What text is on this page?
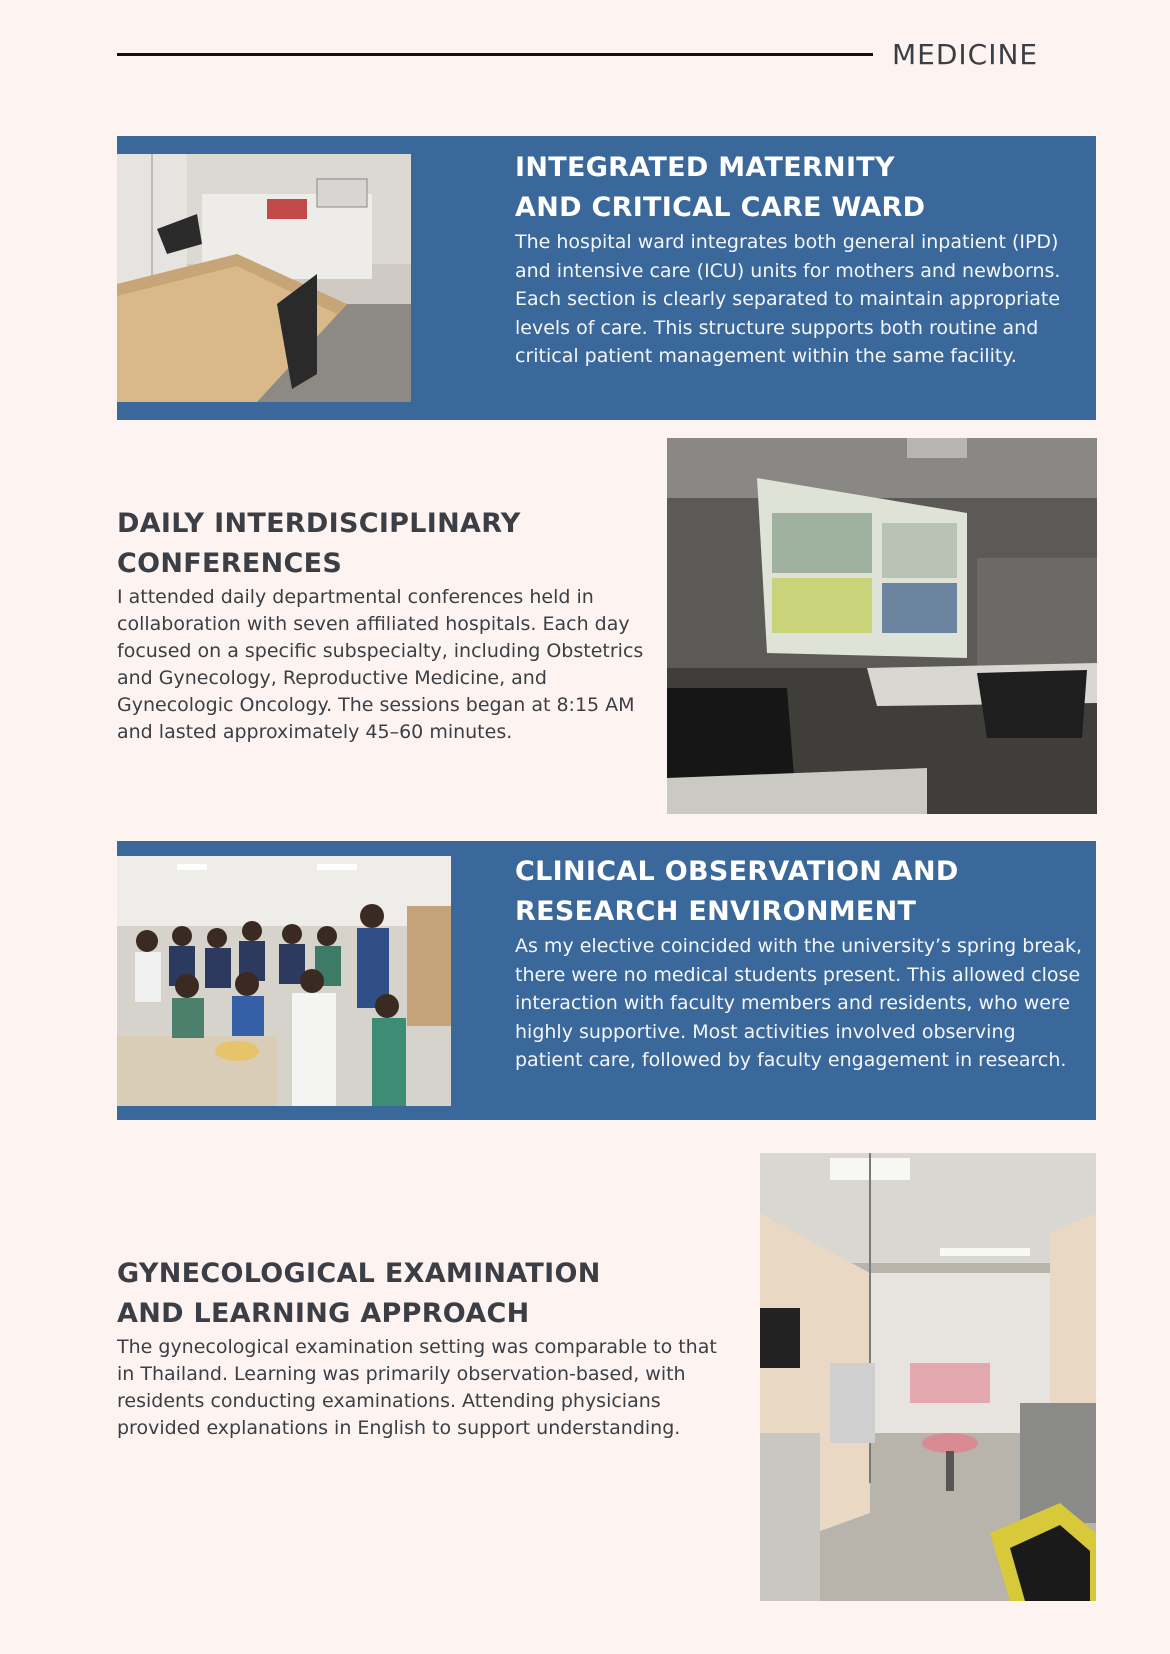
MEDICINE

INTEGRATED MATERNITY
AND CRITICAL CARE WARD

The hospital ward integrates both general inpatient (IPD) and intensive care (ICU) units for mothers and newborns. Each section is clearly separated to maintain appropriate levels of care. This structure supports both routine and critical patient management within the same facility.

DAILY INTERDISCIPLINARY
CONFERENCES

I attended daily departmental conferences held in collaboration with seven affiliated hospitals. Each day focused on a specific subspecialty, including Obstetrics and Gynecology, Reproductive Medicine, and Gynecologic Oncology. The sessions began at 8:15 AM and lasted approximately 45–60 minutes.

CLINICAL OBSERVATION AND
RESEARCH ENVIRONMENT

As my elective coincided with the university’s spring break, there were no medical students present. This allowed close interaction with faculty members and residents, who were highly supportive. Most activities involved observing patient care, followed by faculty engagement in research.

GYNECOLOGICAL EXAMINATION
AND LEARNING APPROACH

The gynecological examination setting was comparable to that in Thailand. Learning was primarily observation-based, with residents conducting examinations. Attending physicians provided explanations in English to support understanding.
